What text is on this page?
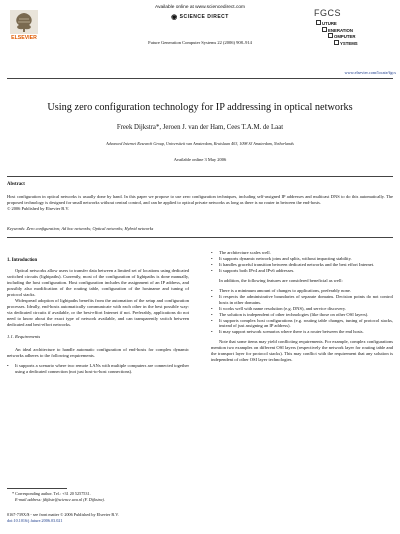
Available online at www.sciencedirect.com
◉ SCIENCE DIRECT
ELSEVIER
Future Generation Computer Systems 22 (2006) 908–914
FGCS
UTURE
ENERATION
OMPUTER
YSTEMS
www.elsevier.com/locate/fgcs
Using zero configuration technology for IP addressing in optical networks
Freek Dijkstra*, Jeroen J. van der Ham, Cees T.A.M. de Laat
Advanced Internet Research Group, Universiteit van Amsterdam, Kruislaan 403, 1098 SJ Amsterdam, Netherlands
Available online 3 May 2006
Abstract
Host configuration in optical networks is usually done by hand. In this paper we propose to use zero configuration techniques, including self-assigned IP addresses and multicast DNS to do this automatically. The proposed technology is designed for small networks without central control, and can be applied to optical private networks as long as there is no router in between the end-hosts.
© 2006 Published by Elsevier B.V.
Keywords: Zero configuration; Ad hoc networks; Optical networks; Hybrid networks
1. Introduction

Optical networks allow users to transfer data between a limited set of locations using dedicated switched circuits (lightpaths). Currently, most of the configuration of lightpaths is done manually, including the host configuration. Host configuration includes the assignment of an IP address, and possibly also modification of the routing table, configuration of the hostname and tuning of protocol stacks.

Widespread adoption of lightpaths benefits from the automation of the setup and configuration processes. Ideally, end-hosts automatically communicate with each other in the best possible way: via dedicated circuits if available, or the best-effort Internet if not. Preferably, applications do not need to know about the exact type of network available, and can transparently switch between dedicated and best-effort networks.

1.1. Requirements

An ideal architecture to handle automatic configuration of end-hosts for complex dynamic networks adheres to the following requirements.

• It supports a scenario where two remote LANs with multiple computers are connected together using a dedicated connection (not just host-to-host connections).
* Corresponding author. Tel.: +31 20 5257531.
E-mail address: fdijkstr@science.uva.nl (F. Dijkstra).
0167-739X/$ - see front matter © 2006 Published by Elsevier B.V.
doi:10.1016/j.future.2006.03.021
• The architecture scales well.
• It supports dynamic network joins and splits, without impacting stability.
• It handles graceful transition between dedicated networks and the best effort Internet.
• It supports both IPv4 and IPv6 addresses.

In addition, the following features are considered beneficial as well:

• There is a minimum amount of changes to applications, preferably none.
• It respects the administrative boundaries of separate domains. Decision points do not control hosts in other domains.
• It works well with name resolution (e.g. DNS), and service discovery.
• The solution is independent of other technologies (like those on other OSI layers).
• It supports complex host configurations (e.g. routing table changes, tuning of protocol stacks, instead of just assigning an IP address).
• It may support network scenarios where there is a router between the end hosts.

Note that some items may yield conflicting requirements. For example, complex configurations mention two examples on different OSI layers (respectively the network layer for routing table and the transport layer for protocol stacks). This may conflict with the requirement that any solution is independent of other OSI layer technologies.
